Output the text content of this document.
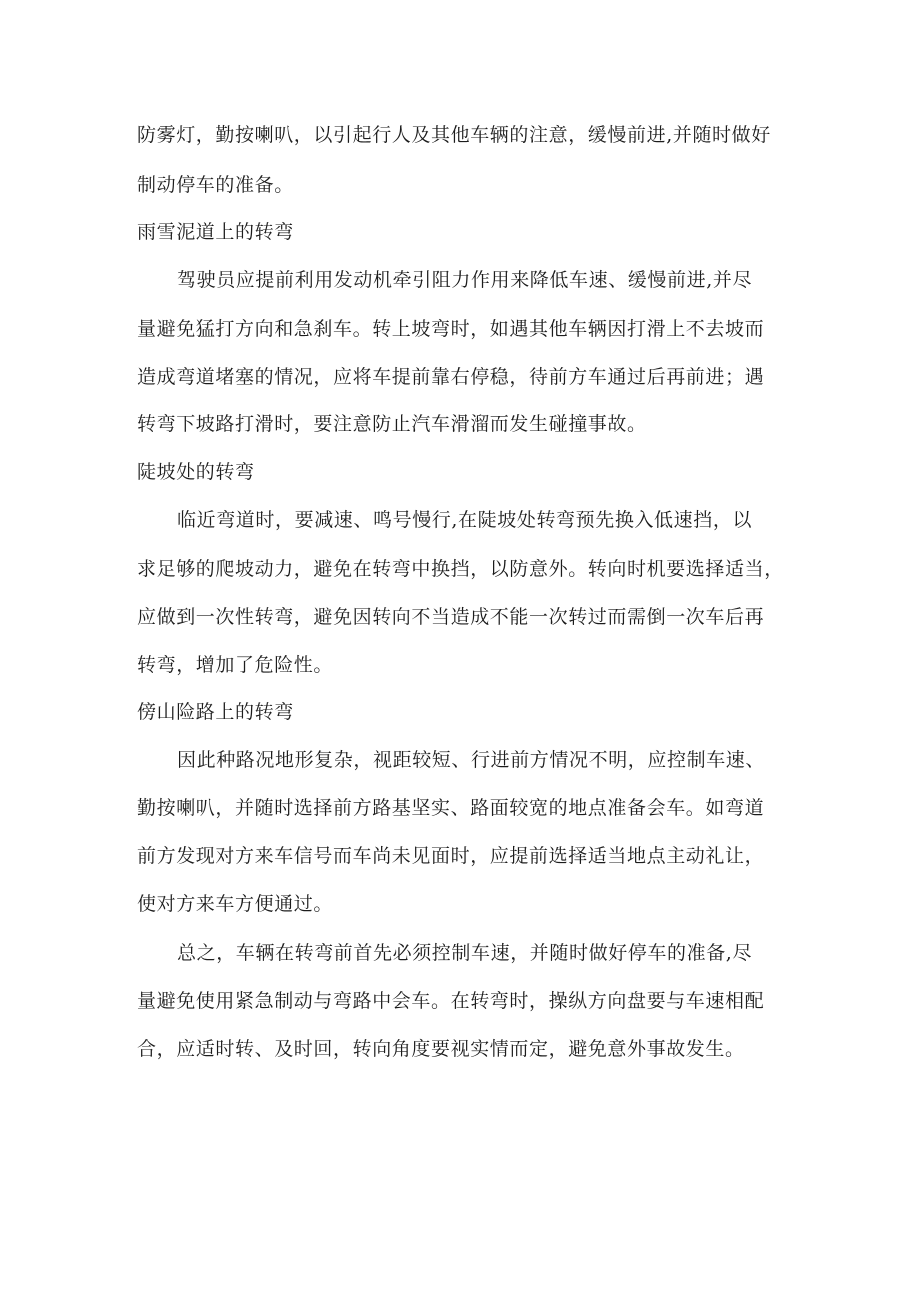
防雾灯，勤按喇叭，以引起行人及其他车辆的注意，缓慢前进,并随时做好
制动停车的准备。
雨雪泥道上的转弯
驾驶员应提前利用发动机牵引阻力作用来降低车速、缓慢前进,并尽
量避免猛打方向和急刹车。转上坡弯时，如遇其他车辆因打滑上不去坡而
造成弯道堵塞的情况，应将车提前靠右停稳，待前方车通过后再前进；遇
转弯下坡路打滑时，要注意防止汽车滑溜而发生碰撞事故。
陡坡处的转弯
临近弯道时，要减速、鸣号慢行,在陡坡处转弯预先换入低速挡，以
求足够的爬坡动力，避免在转弯中换挡，以防意外。转向时机要选择适当，
应做到一次性转弯，避免因转向不当造成不能一次转过而需倒一次车后再
转弯，增加了危险性。
傍山险路上的转弯
因此种路况地形复杂，视距较短、行进前方情况不明，应控制车速、
勤按喇叭，并随时选择前方路基坚实、路面较宽的地点准备会车。如弯道
前方发现对方来车信号而车尚未见面时，应提前选择适当地点主动礼让，
使对方来车方便通过。
总之，车辆在转弯前首先必须控制车速，并随时做好停车的准备,尽
量避免使用紧急制动与弯路中会车。在转弯时，操纵方向盘要与车速相配
合，应适时转、及时回，转向角度要视实情而定，避免意外事故发生。
